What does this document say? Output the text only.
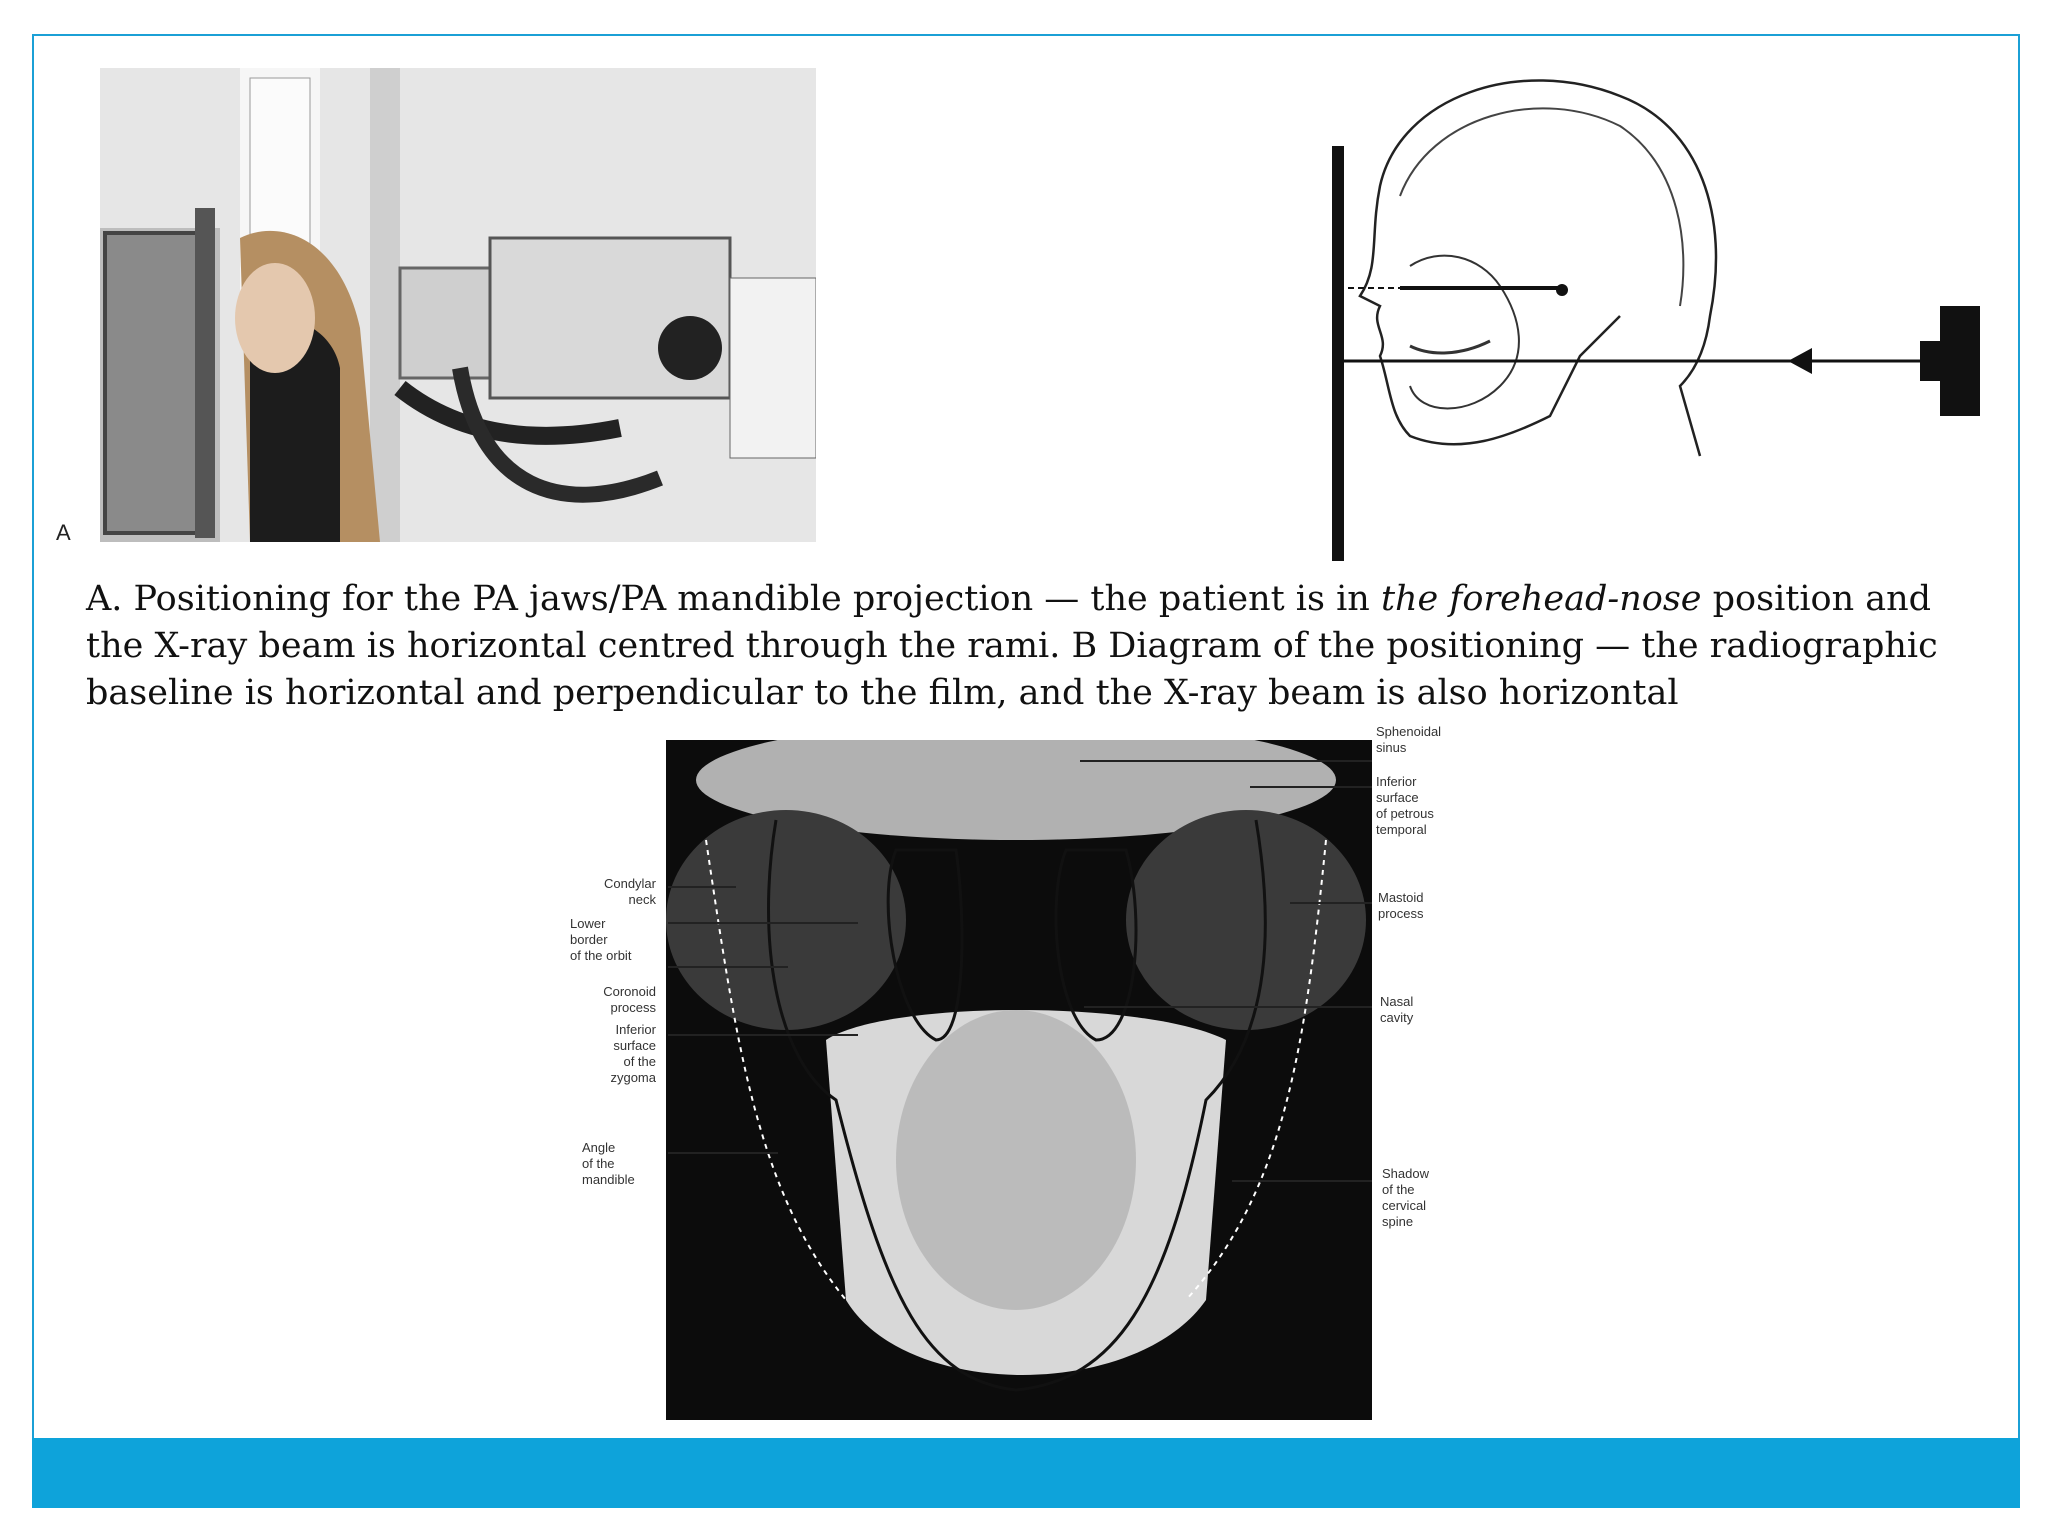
A
A. Positioning for the PA jaws/PA mandible projection — the patient is in the forehead-nose position and the X-ray beam is horizontal centred through the rami. B Diagram of the positioning — the radiographic baseline is horizontal and perpendicular to the film, and the X-ray beam is also horizontal
Condylar
neck
Lower
border
of the orbit
Coronoid
process
Inferior
surface
of the
zygoma
Angle
of the
mandible
Sphenoidal
sinus
Inferior
surface
of petrous
temporal
Mastoid
process
Nasal
cavity
Shadow
of the
cervical
spine
